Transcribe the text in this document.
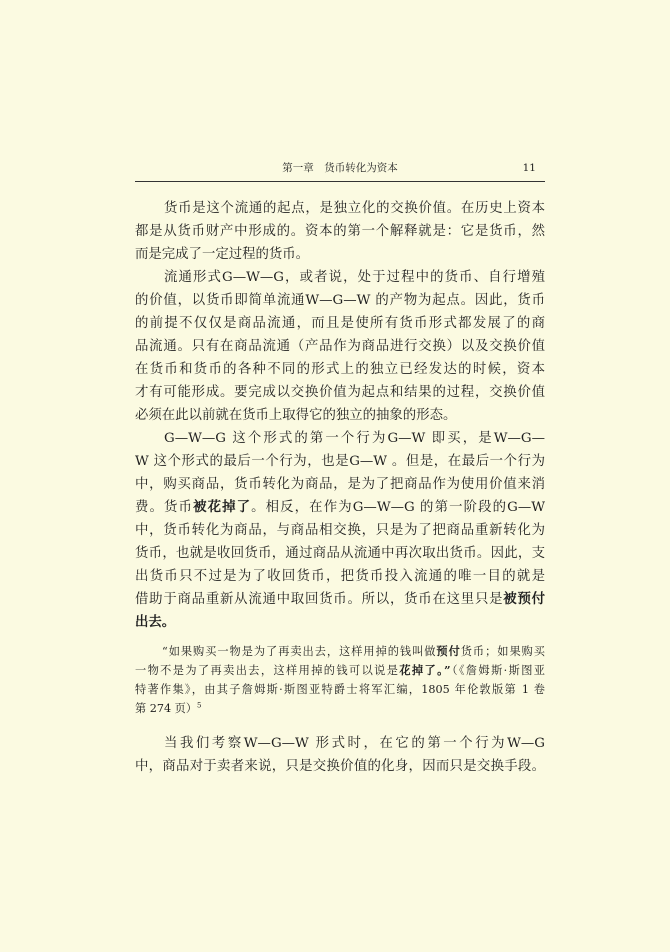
第一章　货币转化为资本	11
货币是这个流通的起点，是独立化的交换价值。在历史上资本
都是从货币财产中形成的。资本的第一个解释就是：它是货币，然
而是完成了一定过程的货币。
流通形式G—W—G，或者说，处于过程中的货币、自行增殖
的价值，以货币即简单流通W—G—W 的产物为起点。因此，货币
的前提不仅仅是商品流通，而且是使所有货币形式都发展了的商
品流通。只有在商品流通（产品作为商品进行交换）以及交换价值
在货币和货币的各种不同的形式上的独立已经发达的时候，资本
才有可能形成。要完成以交换价值为起点和结果的过程，交换价值
必须在此以前就在货币上取得它的独立的抽象的形态。
G—W—G 这个形式的第一个行为G—W 即买，是W—G—
W 这个形式的最后一个行为，也是G—W 。但是，在最后一个行为
中，购买商品，货币转化为商品，是为了把商品作为使用价值来消
费。货币被花掉了。相反，在作为G—W—G 的第一阶段的G—W
中，货币转化为商品，与商品相交换，只是为了把商品重新转化为
货币，也就是收回货币，通过商品从流通中再次取出货币。因此，支
出货币只不过是为了收回货币，把货币投入流通的唯一目的就是
借助于商品重新从流通中取回货币。所以，货币在这里只是被预付
出去。
“如果购买一物是为了再卖出去，这样用掉的钱叫做预付货币；如果购买
一物不是为了再卖出去，这样用掉的钱可以说是花掉了。”（《詹姆斯·斯图亚
特著作集》，由其子詹姆斯·斯图亚特爵士将军汇编，1805 年伦敦版第 1 卷
第 274 页）$^5$
当我们考察W—G—W 形式时，在它的第一个行为W—G
中，商品对于卖者来说，只是交换价值的化身，因而只是交换手段。
